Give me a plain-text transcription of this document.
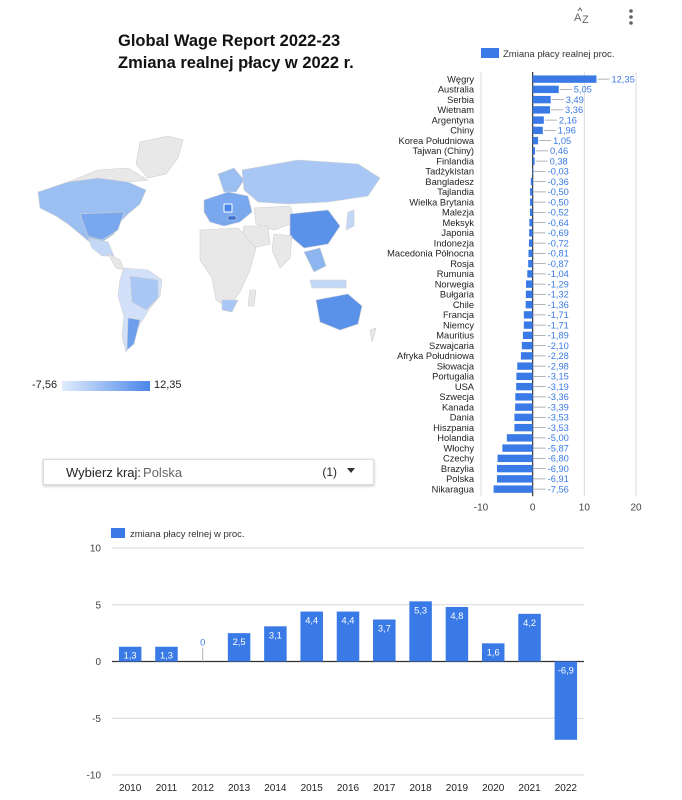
A Z
Global Wage Report 2022-23
Zmiana realnej płacy w 2022 r.
-7,56	12,35
Wybierz kraj : Polska	(1)
-10	0	10	20
Zmiana płacy realnej proc.
Węgry	12,35
Australia	5,05
Serbia	3,49
Wietnam	3,36
Argentyna	2,16
Chiny	1,96
Korea Południowa	1,05
Tajwan (Chiny)	0,46
Finlandia	0,38
Tadżykistan	-0,03
Bangladesz	-0,36
Tajlandia	-0,50
Wielka Brytania	-0,50
Malezja	-0,52
Meksyk	-0,64
Japonia	-0,69
Indonezja	-0,72
Macedonia Północna	-0,81
Rosja	-0,87
Rumunia	-1,04
Norwegia	-1,29
Bułgaria	-1,32
Chile	-1,36
Francja	-1,71
Niemcy	-1,71
Mauritius	-1,89
Szwajcaria	-2,10
Afryka Południowa	-2,28
Słowacja	-2,98
Portugalia	-3,15
USA	-3,19
Szwecja	-3,36
Kanada	-3,39
Dania	-3,53
Hiszpania	-3,53
Holandia	-5,00
Włochy	-5,87
Czechy	-6,80
Brazylia	-6,90
Polska	-6,91
Nikaragua	-7,56
zmiana płacy relnej w proc.
10
5
0
-5
-10
1,3
2010
1,3
2011
0
2012
2,5
2013
3,1
2014
4,4
2015
4,4
2016
3,7
2017
5,3
2018
4,8
2019
1,6
2020
4,2
2021
-6,9
2022
